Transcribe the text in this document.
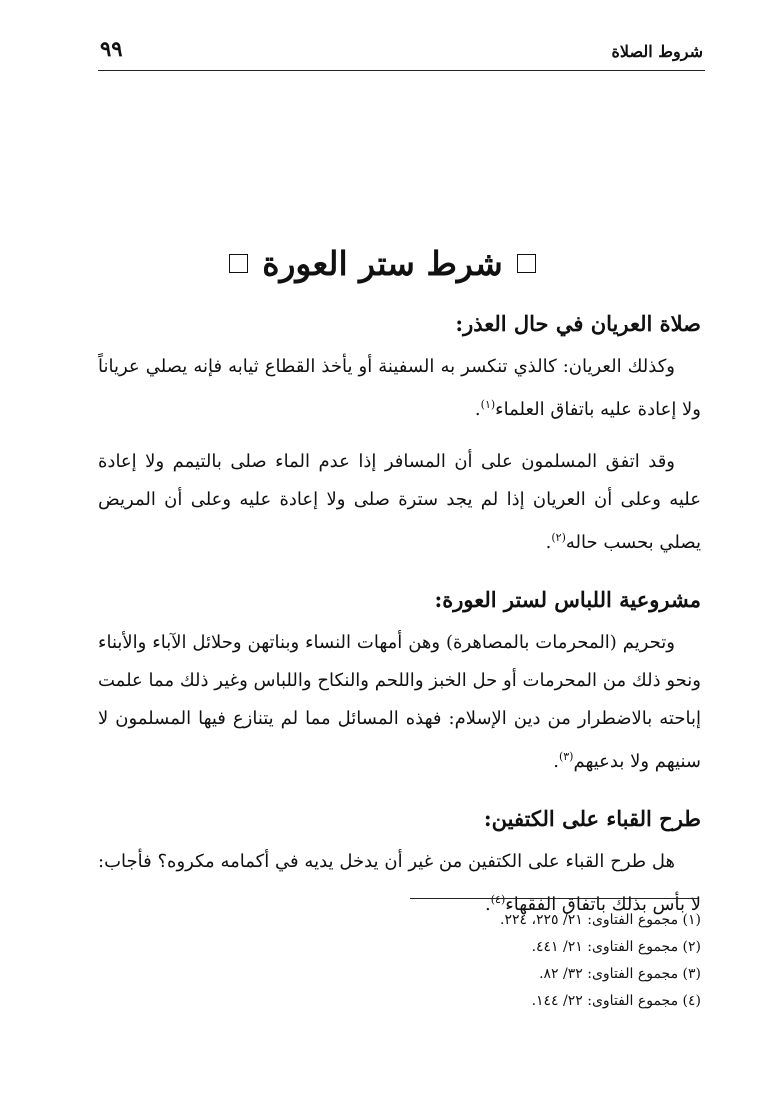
شروط الصلاة
٩٩
شرط ستر العورة
صلاة العريان في حال العذر:

وكذلك العريان: كالذي تنكسر به السفينة أو يأخذ القطاع ثيابه فإنه يصلي عرياناً ولا إعادة عليه باتفاق العلماء$^{(١)}$.

وقد اتفق المسلمون على أن المسافر إذا عدم الماء صلى بالتيمم ولا إعادة عليه وعلى أن العريان إذا لم يجد سترة صلى ولا إعادة عليه وعلى أن المريض يصلي بحسب حاله$^{(٢)}$.

مشروعية اللباس لستر العورة:

وتحريم (المحرمات بالمصاهرة) وهن أمهات النساء وبناتهن وحلائل الآباء والأبناء ونحو ذلك من المحرمات أو حل الخبز واللحم والنكاح واللباس وغير ذلك مما علمت إباحته بالاضطرار من دين الإسلام: فهذه المسائل مما لم يتنازع فيها المسلمون لا سنيهم ولا بدعيهم$^{(٣)}$.

طرح القباء على الكتفين:

هل طرح القباء على الكتفين من غير أن يدخل يديه في أكمامه مكروه؟ فأجاب: لا بأس بذلك باتفاق الفقهاء$^{(٤)}$.

(١) مجموع الفتاوى: ٢١/ ٢٢٥، ٢٢٤.
(٢) مجموع الفتاوى: ٢١/ ٤٤١.
(٣) مجموع الفتاوى: ٣٢/ ٨٢.
(٤) مجموع الفتاوى: ٢٢/ ١٤٤.
